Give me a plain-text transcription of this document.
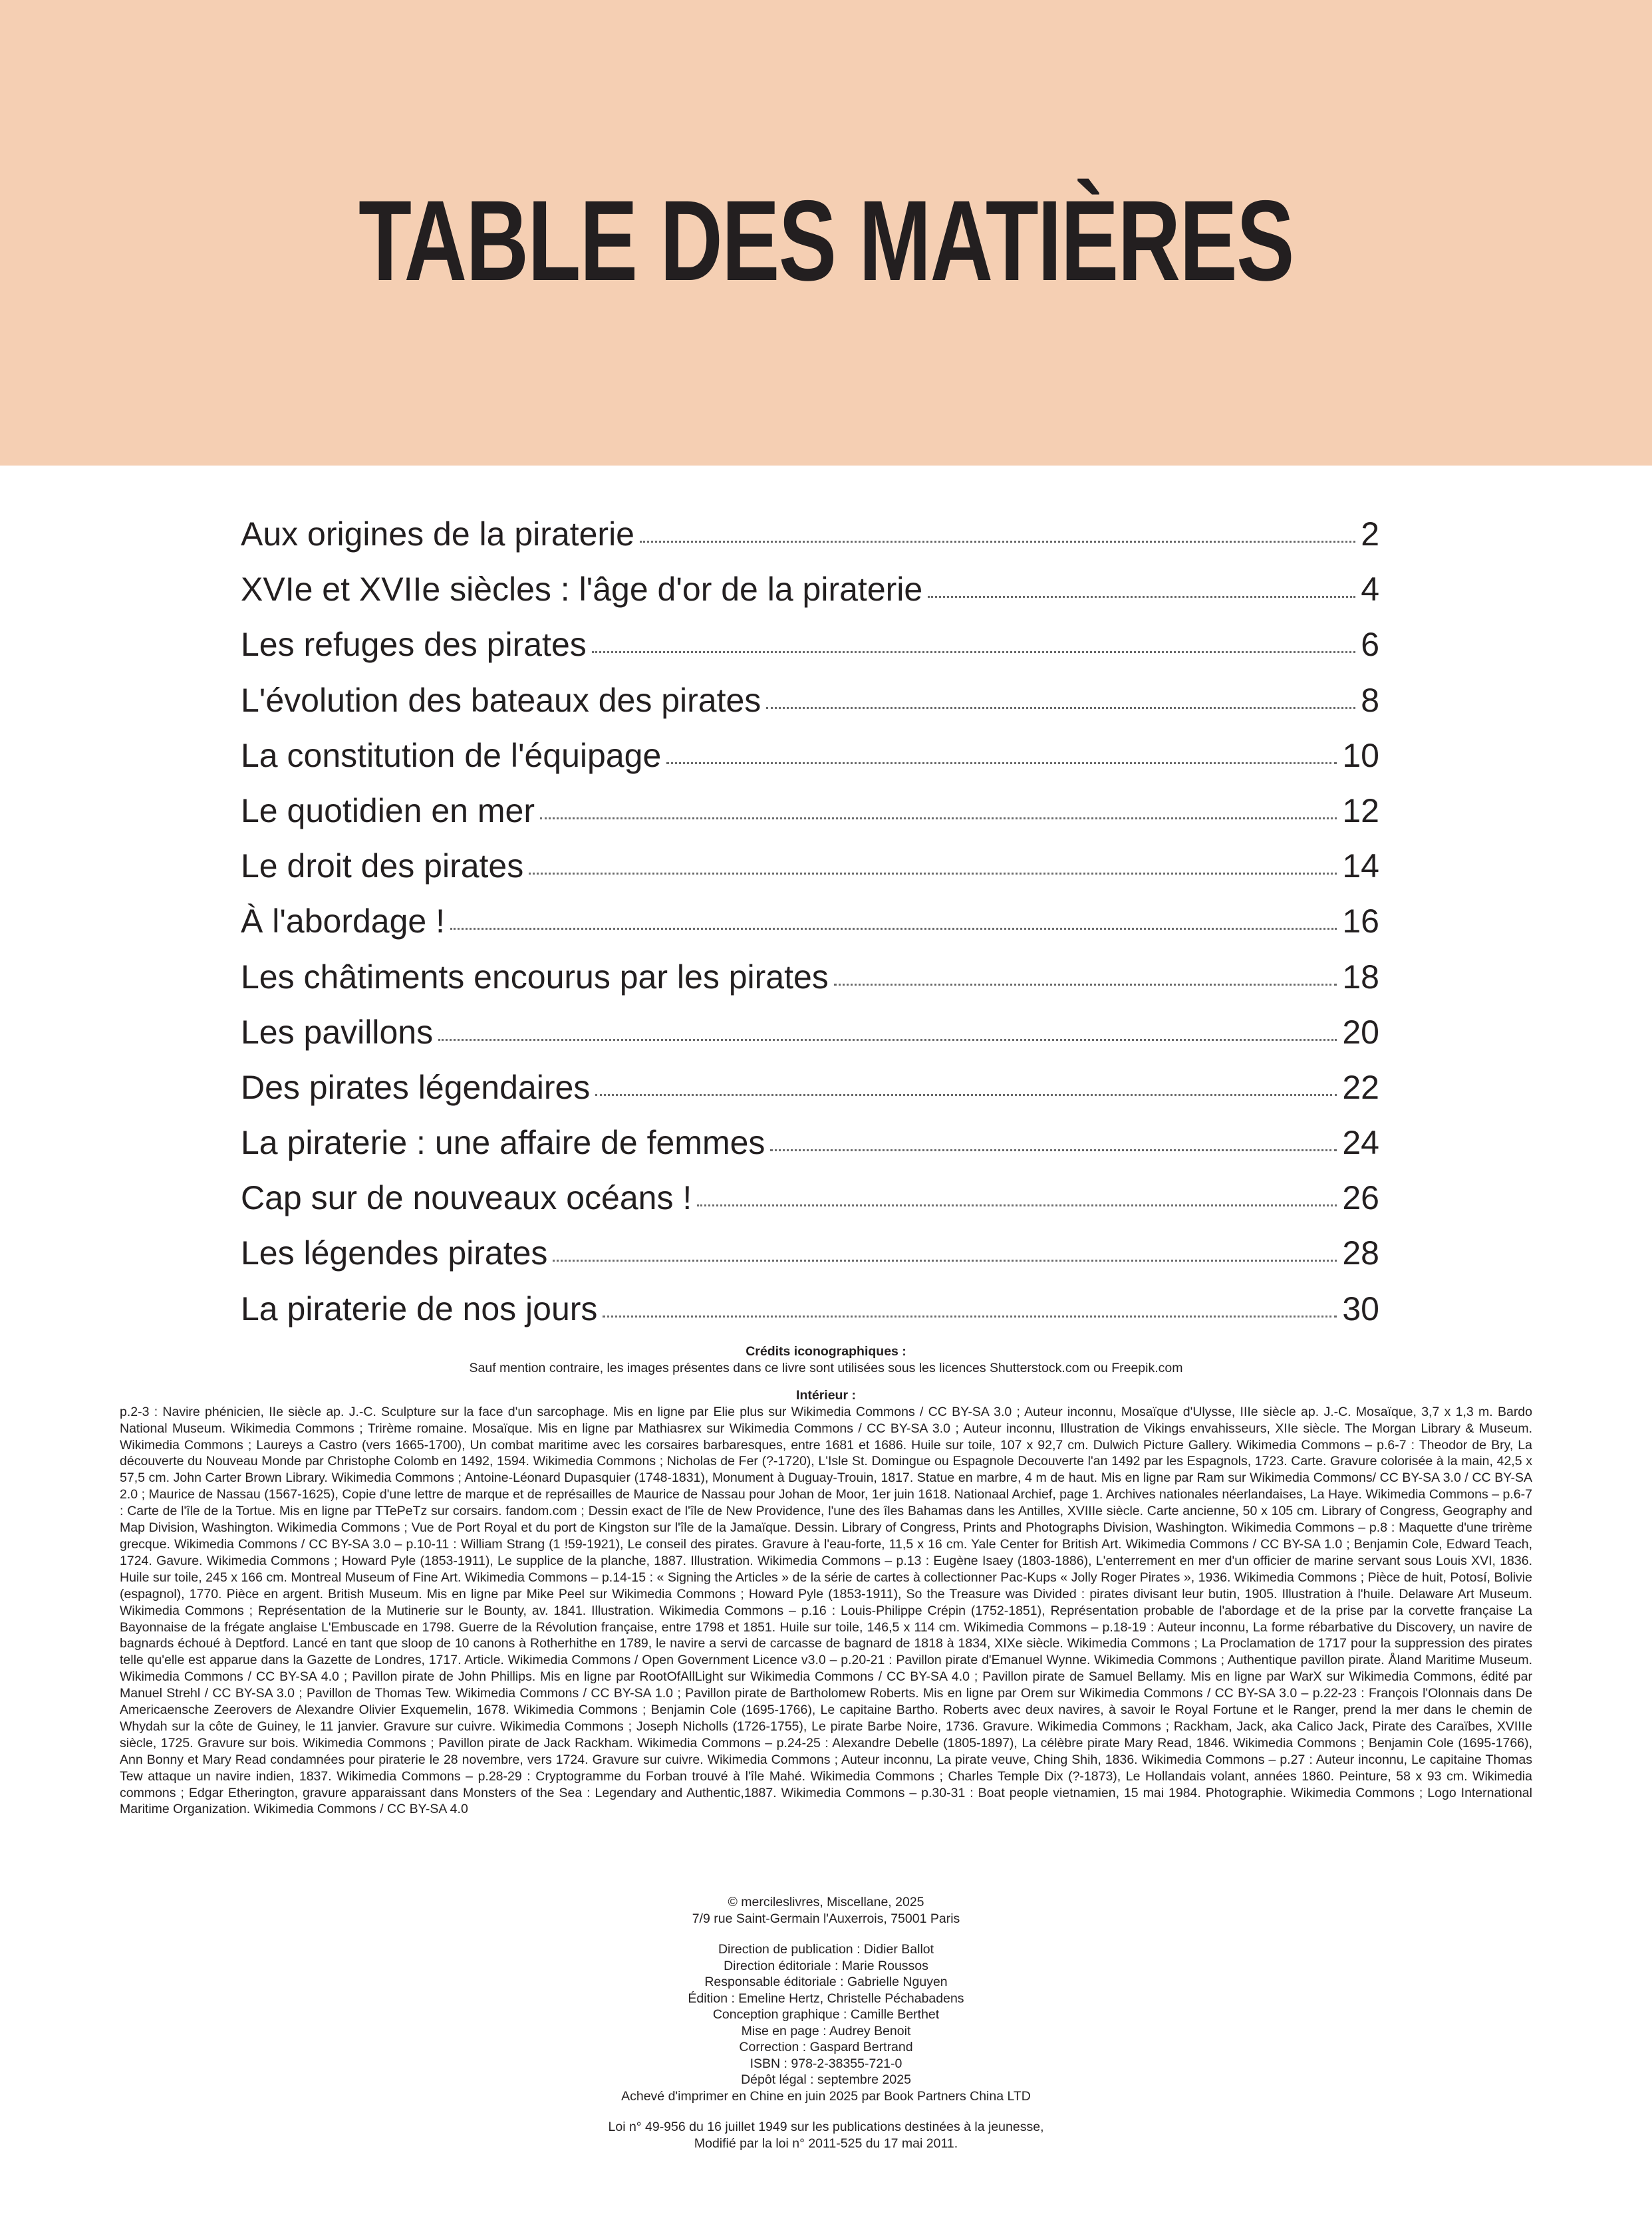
TABLE DES MATIÈRES
Aux origines de la piraterie	2
XVIe et XVIIe siècles : l'âge d'or de la piraterie	4
Les refuges des pirates	6
L'évolution des bateaux des pirates	8
La constitution de l'équipage	10
Le quotidien en mer	12
Le droit des pirates	14
À l'abordage !	16
Les châtiments encourus par les pirates	18
Les pavillons	20
Des pirates légendaires	22
La piraterie : une affaire de femmes	24
Cap sur de nouveaux océans !	26
Les légendes pirates	28
La piraterie de nos jours	30
Crédits iconographiques :
Sauf mention contraire, les images présentes dans ce livre sont utilisées sous les licences Shutterstock.com ou Freepik.com
Intérieur :
p.2-3 : Navire phénicien, IIe siècle ap. J.-C. Sculpture sur la face d'un sarcophage. Mis en ligne par Elie plus sur Wikimedia Commons / CC BY-SA 3.0 ; Auteur inconnu, Mosaïque d'Ulysse, IIIe siècle ap. J.-C. Mosaïque, 3,7 x 1,3 m. Bardo National Museum. Wikimedia Commons ; Trirème romaine. Mosaïque. Mis en ligne par Mathiasrex sur Wikimedia Commons / CC BY-SA 3.0 ; Auteur inconnu, Illustration de Vikings envahisseurs, XIIe siècle. The Morgan Library & Museum. Wikimedia Commons ; Laureys a Castro (vers 1665-1700), Un combat maritime avec les corsaires barbaresques, entre 1681 et 1686. Huile sur toile, 107 x 92,7 cm. Dulwich Picture Gallery. Wikimedia Commons – p.6-7 : Theodor de Bry, La découverte du Nouveau Monde par Christophe Colomb en 1492, 1594. Wikimedia Commons ; Nicholas de Fer (?-1720), L'Isle St. Domingue ou Espagnole Decouverte l'an 1492 par les Espagnols, 1723. Carte. Gravure colorisée à la main, 42,5 x 57,5 cm. John Carter Brown Library. Wikimedia Commons ; Antoine-Léonard Dupasquier (1748-1831), Monument à Duguay-Trouin, 1817. Statue en marbre, 4 m de haut. Mis en ligne par Ram sur Wikimedia Commons/ CC BY-SA 3.0 / CC BY-SA 2.0 ; Maurice de Nassau (1567-1625), Copie d'une lettre de marque et de représailles de Maurice de Nassau pour Johan de Moor, 1er juin 1618. Nationaal Archief, page 1. Archives nationales néerlandaises, La Haye. Wikimedia Commons – p.6-7 : Carte de l'île de la Tortue. Mis en ligne par TTePeTz sur corsairs. fandom.com ; Dessin exact de l'île de New Providence, l'une des îles Bahamas dans les Antilles, XVIIIe siècle. Carte ancienne, 50 x 105 cm. Library of Congress, Geography and Map Division, Washington. Wikimedia Commons ; Vue de Port Royal et du port de Kingston sur l'île de la Jamaïque. Dessin. Library of Congress, Prints and Photographs Division, Washington. Wikimedia Commons – p.8 : Maquette d'une trirème grecque. Wikimedia Commons / CC BY-SA 3.0 – p.10-11 : William Strang (1 !59-1921), Le conseil des pirates. Gravure à l'eau-forte, 11,5 x 16 cm. Yale Center for British Art. Wikimedia Commons / CC BY-SA 1.0 ; Benjamin Cole, Edward Teach, 1724. Gavure. Wikimedia Commons ; Howard Pyle (1853-1911), Le supplice de la planche, 1887. Illustration. Wikimedia Commons – p.13 : Eugène Isaey (1803-1886), L'enterrement en mer d'un officier de marine servant sous Louis XVI, 1836. Huile sur toile, 245 x 166 cm. Montreal Museum of Fine Art. Wikimedia Commons – p.14-15 : « Signing the Articles » de la série de cartes à collectionner Pac-Kups « Jolly Roger Pirates », 1936. Wikimedia Commons ; Pièce de huit, Potosí, Bolivie (espagnol), 1770. Pièce en argent. British Museum. Mis en ligne par Mike Peel sur Wikimedia Commons ; Howard Pyle (1853-1911), So the Treasure was Divided : pirates divisant leur butin, 1905. Illustration à l'huile. Delaware Art Museum. Wikimedia Commons ; Représentation de la Mutinerie sur le Bounty, av. 1841. Illustration. Wikimedia Commons – p.16 : Louis-Philippe Crépin (1752-1851), Représentation probable de l'abordage et de la prise par la corvette française La Bayonnaise de la frégate anglaise L'Embuscade en 1798. Guerre de la Révolution française, entre 1798 et 1851. Huile sur toile, 146,5 x 114 cm. Wikimedia Commons – p.18-19 : Auteur inconnu, La forme rébarbative du Discovery, un navire de bagnards échoué à Deptford. Lancé en tant que sloop de 10 canons à Rotherhithe en 1789, le navire a servi de carcasse de bagnard de 1818 à 1834, XIXe siècle. Wikimedia Commons ; La Proclamation de 1717 pour la suppression des pirates telle qu'elle est apparue dans la Gazette de Londres, 1717. Article. Wikimedia Commons / Open Government Licence v3.0 – p.20-21 : Pavillon pirate d'Emanuel Wynne. Wikimedia Commons ; Authentique pavillon pirate. Åland Maritime Museum. Wikimedia Commons / CC BY-SA 4.0 ; Pavillon pirate de John Phillips. Mis en ligne par RootOfAllLight sur Wikimedia Commons / CC BY-SA 4.0 ; Pavillon pirate de Samuel Bellamy. Mis en ligne par WarX sur Wikimedia Commons, édité par Manuel Strehl / CC BY-SA 3.0 ; Pavillon de Thomas Tew. Wikimedia Commons / CC BY-SA 1.0 ; Pavillon pirate de Bartholomew Roberts. Mis en ligne par Orem sur Wikimedia Commons / CC BY-SA 3.0 – p.22-23 : François l'Olonnais dans De Americaensche Zeerovers de Alexandre Olivier Exquemelin, 1678. Wikimedia Commons ; Benjamin Cole (1695-1766), Le capitaine Bartho. Roberts avec deux navires, à savoir le Royal Fortune et le Ranger, prend la mer dans le chemin de Whydah sur la côte de Guiney, le 11 janvier. Gravure sur cuivre. Wikimedia Commons ; Joseph Nicholls (1726-1755), Le pirate Barbe Noire, 1736. Gravure. Wikimedia Commons ; Rackham, Jack, aka Calico Jack, Pirate des Caraïbes, XVIIIe siècle, 1725. Gravure sur bois. Wikimedia Commons ; Pavillon pirate de Jack Rackham. Wikimedia Commons – p.24-25 : Alexandre Debelle (1805-1897), La célèbre pirate Mary Read, 1846. Wikimedia Commons ; Benjamin Cole (1695-1766), Ann Bonny et Mary Read condamnées pour piraterie le 28 novembre, vers 1724. Gravure sur cuivre. Wikimedia Commons ; Auteur inconnu, La pirate veuve, Ching Shih, 1836. Wikimedia Commons – p.27 : Auteur inconnu, Le capitaine Thomas Tew attaque un navire indien, 1837. Wikimedia Commons – p.28-29 : Cryptogramme du Forban trouvé à l'île Mahé. Wikimedia Commons ; Charles Temple Dix (?-1873), Le Hollandais volant, années 1860. Peinture, 58 x 93 cm. Wikimedia commons ; Edgar Etherington, gravure apparaissant dans Monsters of the Sea : Legendary and Authentic,1887. Wikimedia Commons – p.30-31 : Boat people vietnamien, 15 mai 1984. Photographie. Wikimedia Commons ; Logo International Maritime Organization. Wikimedia Commons / CC BY-SA 4.0
© mercileslivres, Miscellane, 2025
7/9 rue Saint-Germain l'Auxerrois, 75001 Paris
Direction de publication : Didier Ballot
Direction éditoriale : Marie Roussos
Responsable éditoriale : Gabrielle Nguyen
Édition : Emeline Hertz, Christelle Péchabadens
Conception graphique : Camille Berthet
Mise en page : Audrey Benoit
Correction : Gaspard Bertrand
ISBN : 978-2-38355-721-0
Dépôt légal : septembre 2025
Achevé d'imprimer en Chine en juin 2025 par Book Partners China LTD
Loi n° 49-956 du 16 juillet 1949 sur les publications destinées à la jeunesse,
Modifié par la loi n° 2011-525 du 17 mai 2011.
